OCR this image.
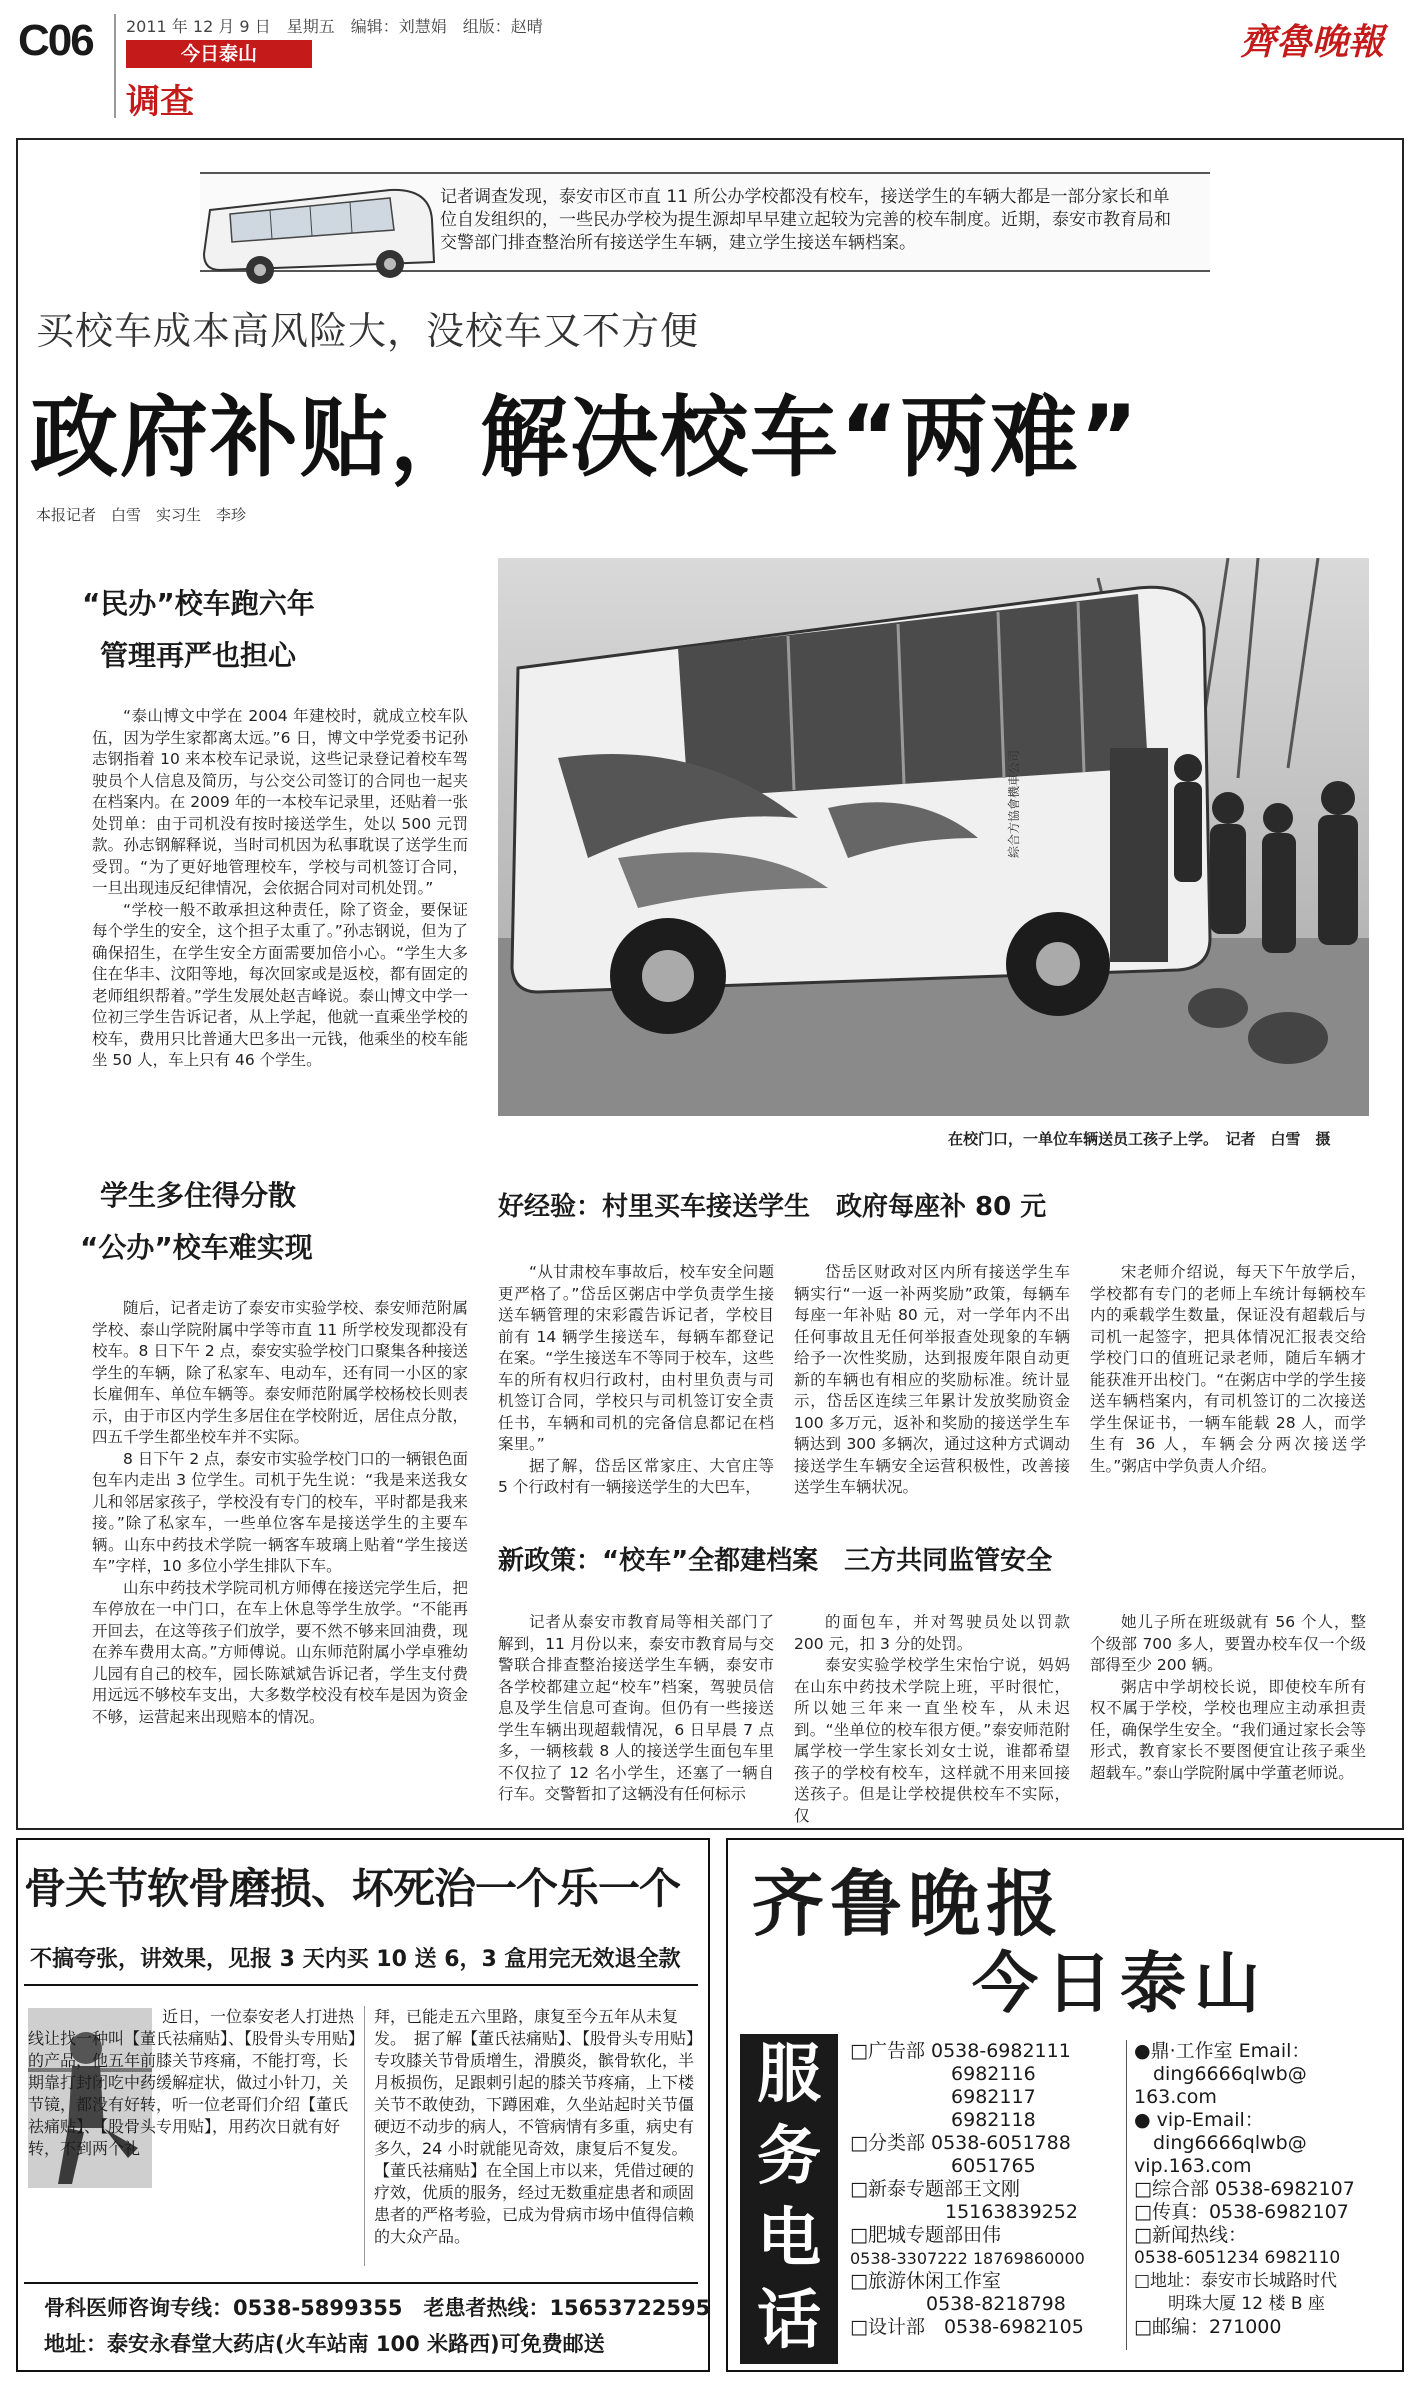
C06 2011 年 12 月 9 日　星期五　编辑：刘慧娟　组版：赵晴
今日泰山
调查
齊魯晚報
记者调查发现，泰安市区市直 11 所公办学校都没有校车，接送学生的车辆大都是一部分家长和单位自发组织的，一些民办学校为提生源却早早建立起较为完善的校车制度。近期，泰安市教育局和交警部门排查整治所有接送学生车辆，建立学生接送车辆档案。
买校车成本高风险大，没校车又不方便
政府补贴，解决校车“两难”
本报记者　白雪　实习生　李珍
綜合方協會機車公司
在校门口，一单位车辆送员工孩子上学。　记者　白雪　摄
“民办”校车跑六年
管理再严也担心

“泰山博文中学在 2004 年建校时，就成立校车队伍，因为学生家都离太远。”6 日，博文中学党委书记孙志钢指着 10 来本校车记录说，这些记录登记着校车驾驶员个人信息及简历，与公交公司签订的合同也一起夹在档案内。在 2009 年的一本校车记录里，还贴着一张处罚单：由于司机没有按时接送学生，处以 500 元罚款。孙志钢解释说，当时司机因为私事耽误了送学生而受罚。“为了更好地管理校车，学校与司机签订合同，一旦出现违反纪律情况，会依据合同对司机处罚。”

“学校一般不敢承担这种责任，除了资金，要保证每个学生的安全，这个担子太重了。”孙志钢说，但为了确保招生，在学生安全方面需要加倍小心。“学生大多住在华丰、汶阳等地，每次回家或是返校，都有固定的老师组织帮着。”学生发展处赵吉峰说。泰山博文中学一位初三学生告诉记者，从上学起，他就一直乘坐学校的校车，费用只比普通大巴多出一元钱，他乘坐的校车能坐 50 人，车上只有 46 个学生。

学生多住得分散
“公办”校车难实现

随后，记者走访了泰安市实验学校、泰安师范附属学校、泰山学院附属中学等市直 11 所学校发现都没有校车。8 日下午 2 点，泰安实验学校门口聚集各种接送学生的车辆，除了私家车、电动车，还有同一小区的家长雇佣车、单位车辆等。泰安师范附属学校杨校长则表示，由于市区内学生多居住在学校附近，居住点分散，四五千学生都坐校车并不实际。

8 日下午 2 点，泰安市实验学校门口的一辆银色面包车内走出 3 位学生。司机于先生说：“我是来送我女儿和邻居家孩子，学校没有专门的校车，平时都是我来接。”除了私家车，一些单位客车是接送学生的主要车辆。山东中药技术学院一辆客车玻璃上贴着“学生接送车”字样，10 多位小学生排队下车。

山东中药技术学院司机方师傅在接送完学生后，把车停放在一中门口，在车上休息等学生放学。“不能再开回去，在这等孩子们放学，要不然不够来回油费，现在养车费用太高。”方师傅说。山东师范附属小学卓雅幼儿园有自己的校车，园长陈斌斌告诉记者，学生支付费用远远不够校车支出，大多数学校没有校车是因为资金不够，运营起来出现赔本的情况。

好经验：村里买车接送学生　政府每座补 80 元

“从甘肃校车事故后，校车安全问题更严格了。”岱岳区粥店中学负责学生接送车辆管理的宋彩霞告诉记者，学校目前有 14 辆学生接送车，每辆车都登记在案。“学生接送车不等同于校车，这些车的所有权归行政村，由村里负责与司机签订合同，学校只与司机签订安全责任书，车辆和司机的完备信息都记在档案里。”

据了解，岱岳区常家庄、大官庄等 5 个行政村有一辆接送学生的大巴车，

岱岳区财政对区内所有接送学生车辆实行“一返一补两奖励”政策，每辆车每座一年补贴 80 元，对一学年内不出任何事故且无任何举报查处现象的车辆给予一次性奖励，达到报废年限自动更新的车辆也有相应的奖励标准。统计显示，岱岳区连续三年累计发放奖励资金 100 多万元，返补和奖励的接送学生车辆达到 300 多辆次，通过这种方式调动接送学生车辆安全运营积极性，改善接送学生车辆状况。

宋老师介绍说，每天下午放学后，学校都有专门的老师上车统计每辆校车内的乘载学生数量，保证没有超载后与司机一起签字，把具体情况汇报表交给学校门口的值班记录老师，随后车辆才能获准开出校门。“在粥店中学的学生接送车辆档案内，有司机签订的二次接送学生保证书，一辆车能载 28 人，而学生有 36 人，车辆会分两次接送学生。”粥店中学负责人介绍。

新政策：“校车”全都建档案　三方共同监管安全

记者从泰安市教育局等相关部门了解到，11 月份以来，泰安市教育局与交警联合排查整治接送学生车辆，泰安市各学校都建立起“校车”档案，驾驶员信息及学生信息可查询。但仍有一些接送学生车辆出现超载情况，6 日早晨 7 点多，一辆核载 8 人的接送学生面包车里不仅拉了 12 名小学生，还塞了一辆自行车。交警暂扣了这辆没有任何标示

的面包车，并对驾驶员处以罚款 200 元，扣 3 分的处罚。

泰安实验学校学生宋怡宁说，妈妈在山东中药技术学院上班，平时很忙，所以她三年来一直坐校车，从未迟到。“坐单位的校车很方便。”泰安师范附属学校一学生家长刘女士说，谁都希望孩子的学校有校车，这样就不用来回接送孩子。但是让学校提供校车不实际，仅

她儿子所在班级就有 56 个人，整个级部 700 多人，要置办校车仅一个级部得至少 200 辆。

粥店中学胡校长说，即使校车所有权不属于学校，学校也理应主动承担责任，确保学生安全。“我们通过家长会等形式，教育家长不要图便宜让孩子乘坐超载车。”泰山学院附属中学董老师说。

骨关节软骨磨损、坏死治一个乐一个
不搞夸张，讲效果，见报 3 天内买 10 送 6，3 盒用完无效退全款
近日，一位泰安老人打进热线让找一种叫【董氏祛痛贴】、【股骨头专用贴】的产品，他五年前膝关节疼痛，不能打弯，长期靠打封闭吃中药缓解症状，做过小针刀，关节镜，都没有好转，听一位老哥们介绍【董氏祛痛贴】、【股骨头专用贴】，用药次日就有好转，不到两个礼
拜，已能走五六里路，康复至今五年从未复发。　据了解【董氏祛痛贴】、【股骨头专用贴】专攻膝关节骨质增生，滑膜炎，髌骨软化，半月板损伤，足跟刺引起的膝关节疼痛，上下楼关节不敢使劲，下蹲困难，久坐站起时关节僵硬迈不动步的病人，不管病情有多重，病史有多久，24 小时就能见奇效，康复后不复发。　【董氏祛痛贴】在全国上市以来，凭借过硬的疗效，优质的服务，经过无数重症患者和顽固患者的严格考验，已成为骨病市场中值得信赖的大众产品。
骨科医师咨询专线：0538-5899355　老患者热线：15653722595
地址：泰安永春堂大药店(火车站南 100 米路西)可免费邮送
齐鲁晚报
今日泰山
服务电话
□广告部 0538-6982111
　　　　　 6982116
　　　　　 6982117
　　　　　 6982118
□分类部 0538-6051788
　　　　　 6051765
□新泰专题部王文刚
　　　　　15163839252
□肥城专题部田伟
0538-3307222 18769860000
□旅游休闲工作室
　　　　0538-8218798
□设计部　0538-6982105
●鼎·工作室 Email：
　ding6666qlwb@
163.com
● vip-Email：
　ding6666qlwb@
vip.163.com
□综合部 0538-6982107
□传真：0538-6982107
□新闻热线：
0538-6051234 6982110
□地址：泰安市长城路时代
　　明珠大厦 12 楼 B 座
□邮编：271000
